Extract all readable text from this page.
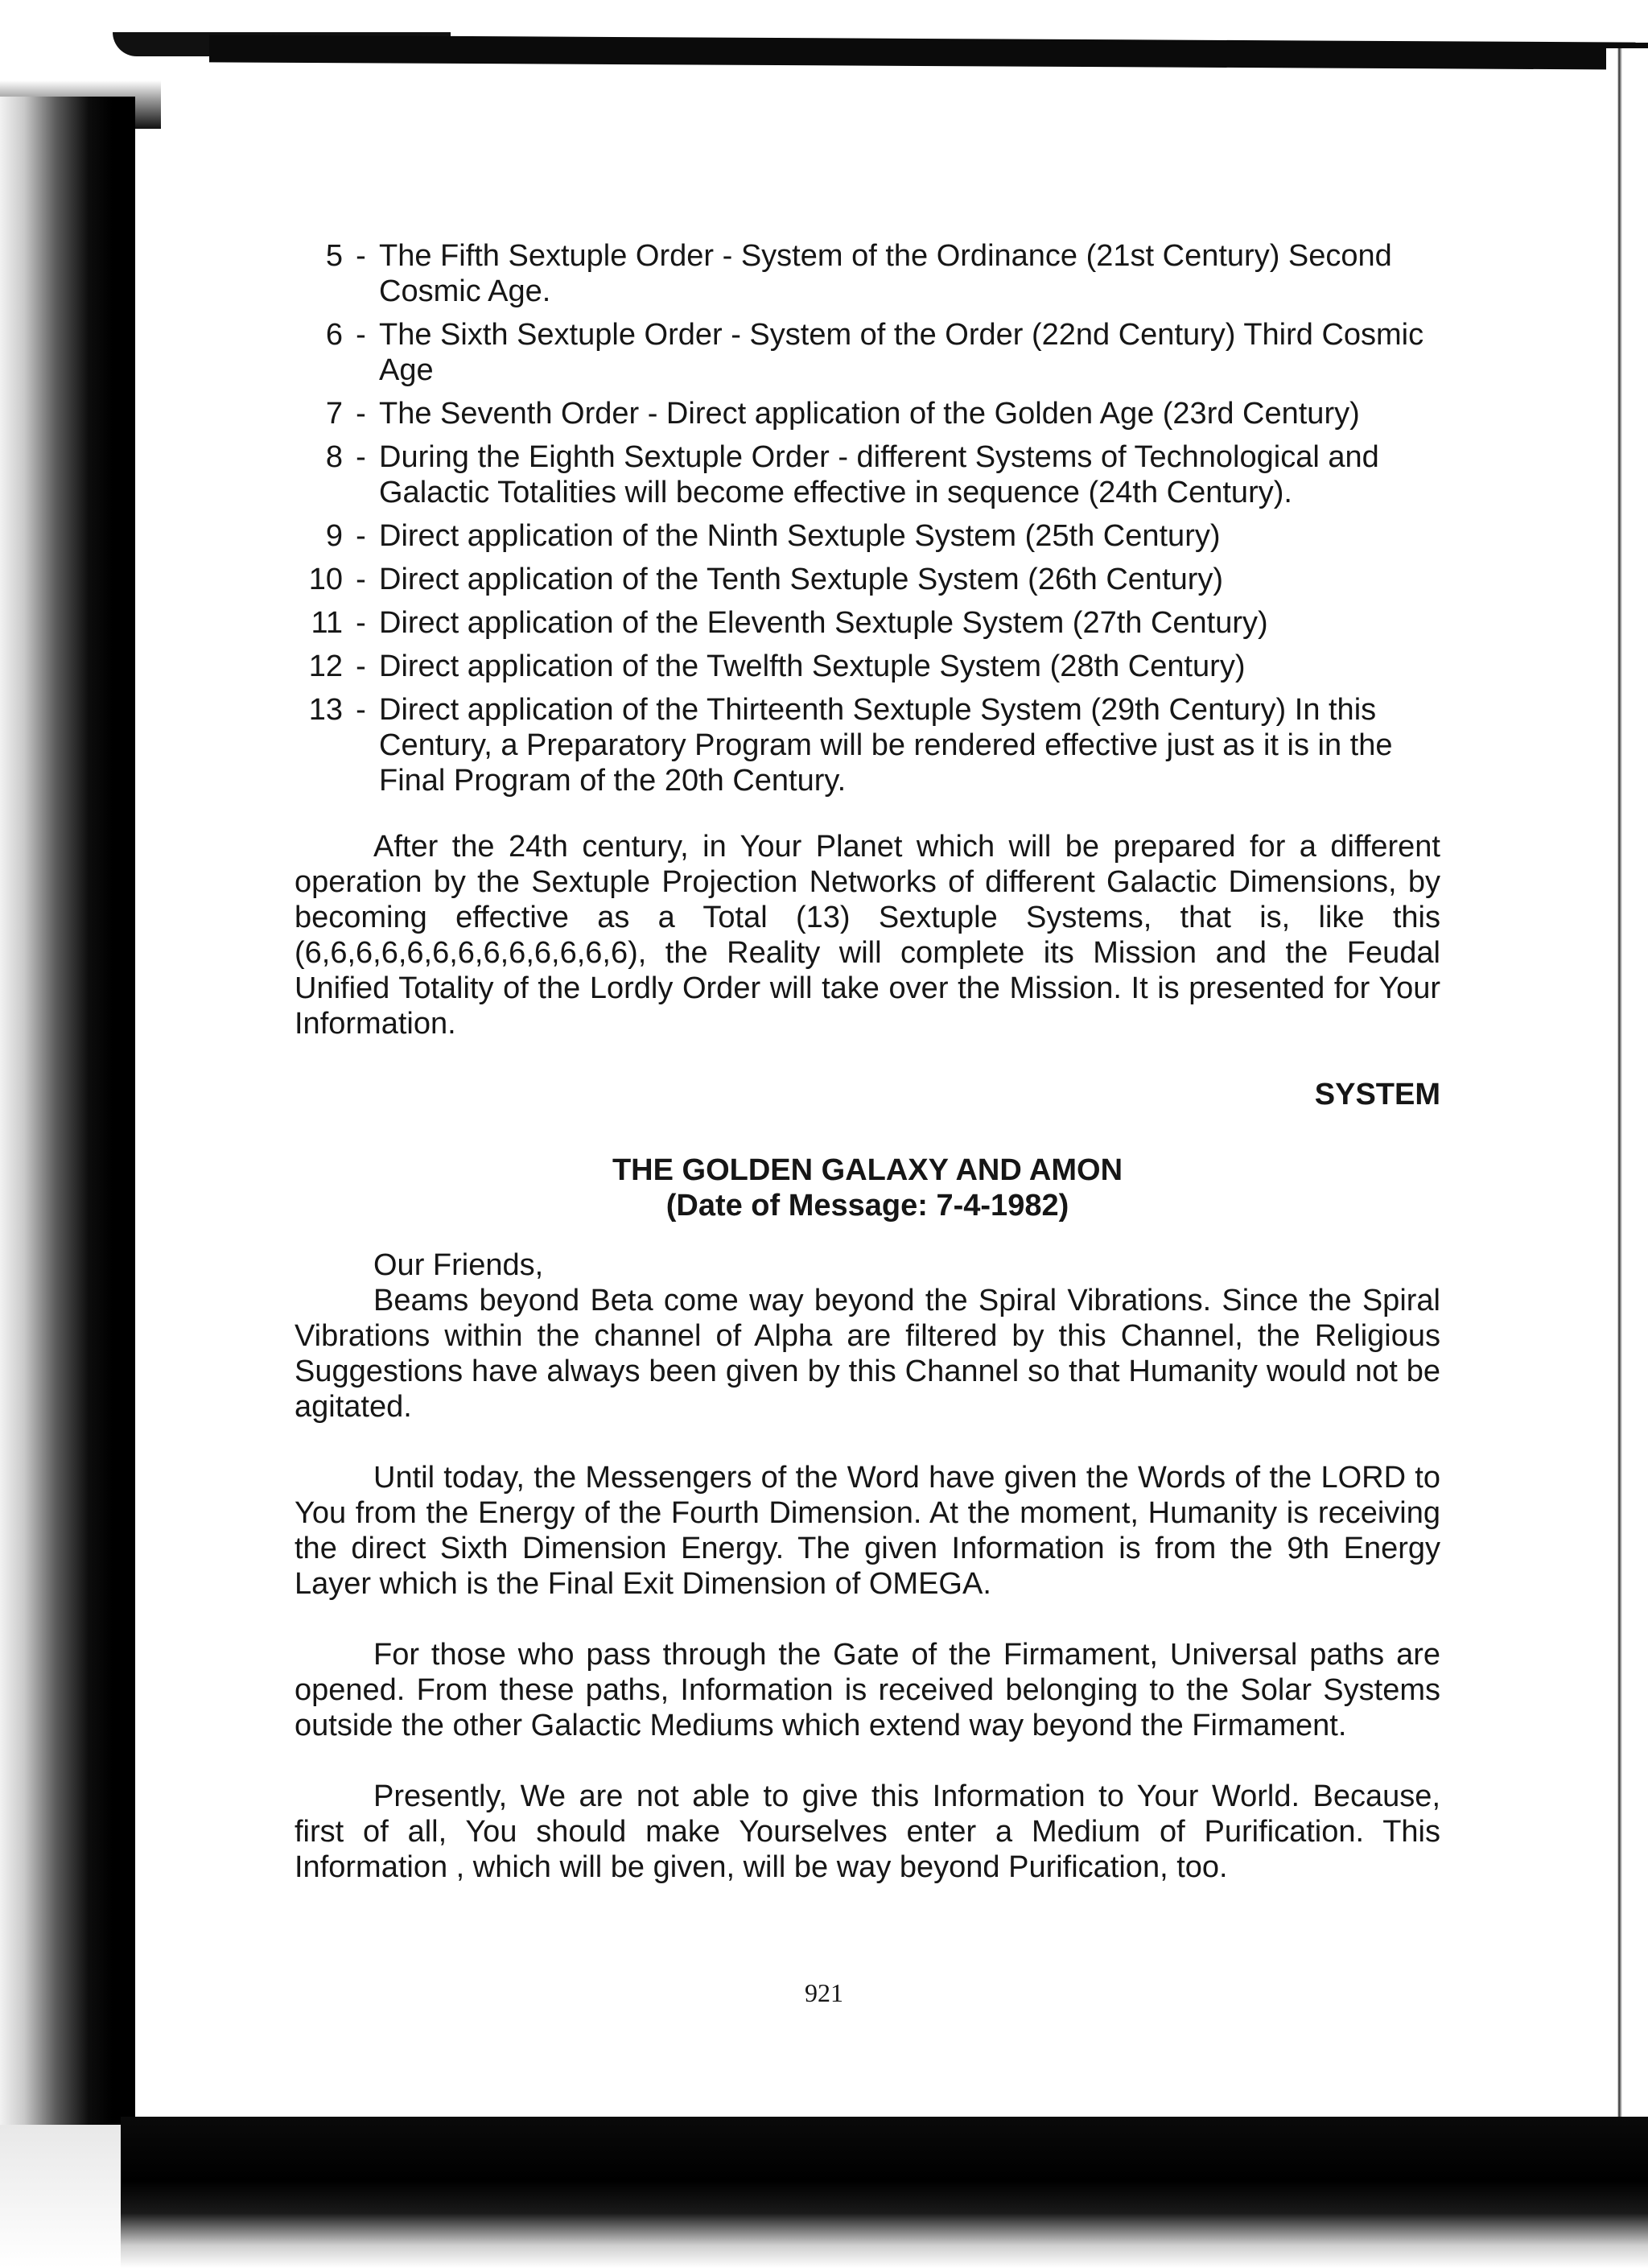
5 - The Fifth Sextuple Order - System of the Ordinance (21st Century) Second Cosmic Age.
6 - The Sixth Sextuple Order - System of the Order (22nd Century) Third Cosmic Age
7 - The Seventh Order - Direct application of the Golden Age (23rd Century)
8 - During the Eighth Sextuple Order - different Systems of Technological and Galactic Totalities will become effective in sequence (24th Century).
9 - Direct application of the Ninth Sextuple System (25th Century)
10 - Direct application of the Tenth Sextuple System (26th Century)
11 - Direct application of the Eleventh Sextuple System (27th Century)
12 - Direct application of the Twelfth Sextuple System (28th Century)
13 - Direct application of the Thirteenth Sextuple System (29th Century) In this Century, a Preparatory Program will be rendered effective just as it is in the Final Program of the 20th Century.

After the 24th century, in Your Planet which will be prepared for a different operation by the Sextuple Projection Networks of different Galactic Dimensions, by becoming effective as a Total (13) Sextuple Systems, that is, like this (6,6,6,6,6,6,6,6,6,6,6,6,6), the Reality will complete its Mission and the Feudal Unified Totality of the Lordly Order will take over the Mission. It is presented for Your Information.

SYSTEM
THE GOLDEN GALAXY AND AMON
(Date of Message: 7-4-1982)
Our Friends,

Beams beyond Beta come way beyond the Spiral Vibrations. Since the Spiral Vibrations within the channel of Alpha are filtered by this Channel, the Religious Suggestions have always been given by this Channel so that Humanity would not be agitated.

Until today, the Messengers of the Word have given the Words of the LORD to You from the Energy of the Fourth Dimension. At the moment, Humanity is receiving the direct Sixth Dimension Energy. The given Information is from the 9th Energy Layer which is the Final Exit Dimension of OMEGA.

For those who pass through the Gate of the Firmament, Universal paths are opened. From these paths, Information is received belonging to the Solar Systems outside the other Galactic Mediums which extend way beyond the Firmament.

Presently, We are not able to give this Information to Your World. Because, first of all, You should make Yourselves enter a Medium of Purification. This Information , which will be given, will be way beyond Purification, too.

921
